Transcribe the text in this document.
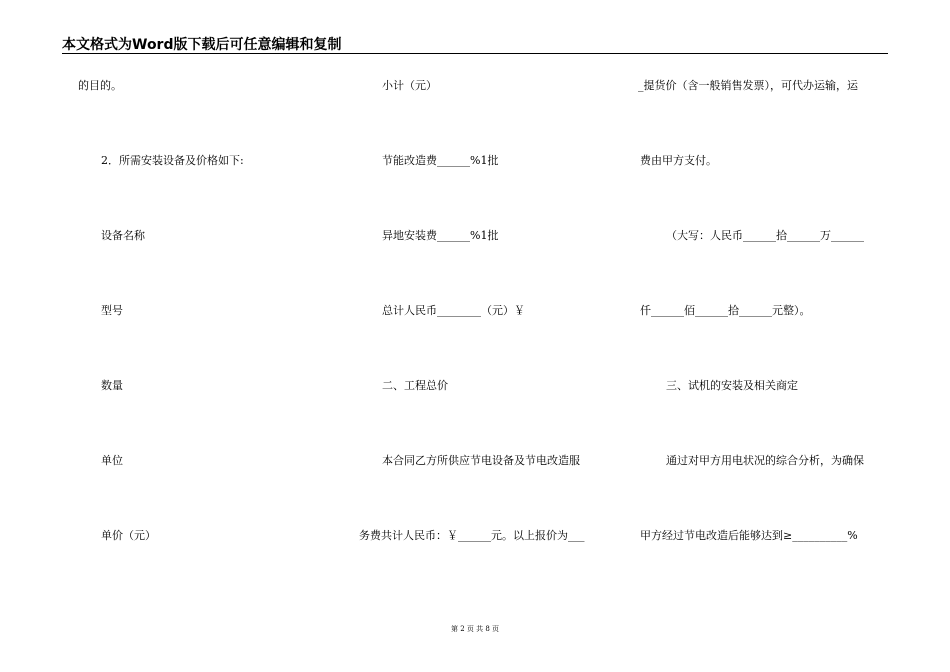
本文格式为Word版下载后可任意编辑和复制
的目的。
2．所需安装设备及价格如下:
设备名称
型号
数量
单位
单价（元）
小计（元）
节能改造费______%1批
异地安装费______%1批
总计人民币________（元）￥
二、工程总价
本合同乙方所供应节电设备及节电改造服
务费共计人民币：￥______元。以上报价为___
_提货价（含一般销售发票），可代办运输，运
费由甲方支付。
（大写：人民币______拾______万______
仟______佰______拾______元整）。
三、试机的安装及相关商定
通过对甲方用电状况的综合分析，为确保
甲方经过节电改造后能够达到≥__________%
第 2 页 共 8 页
